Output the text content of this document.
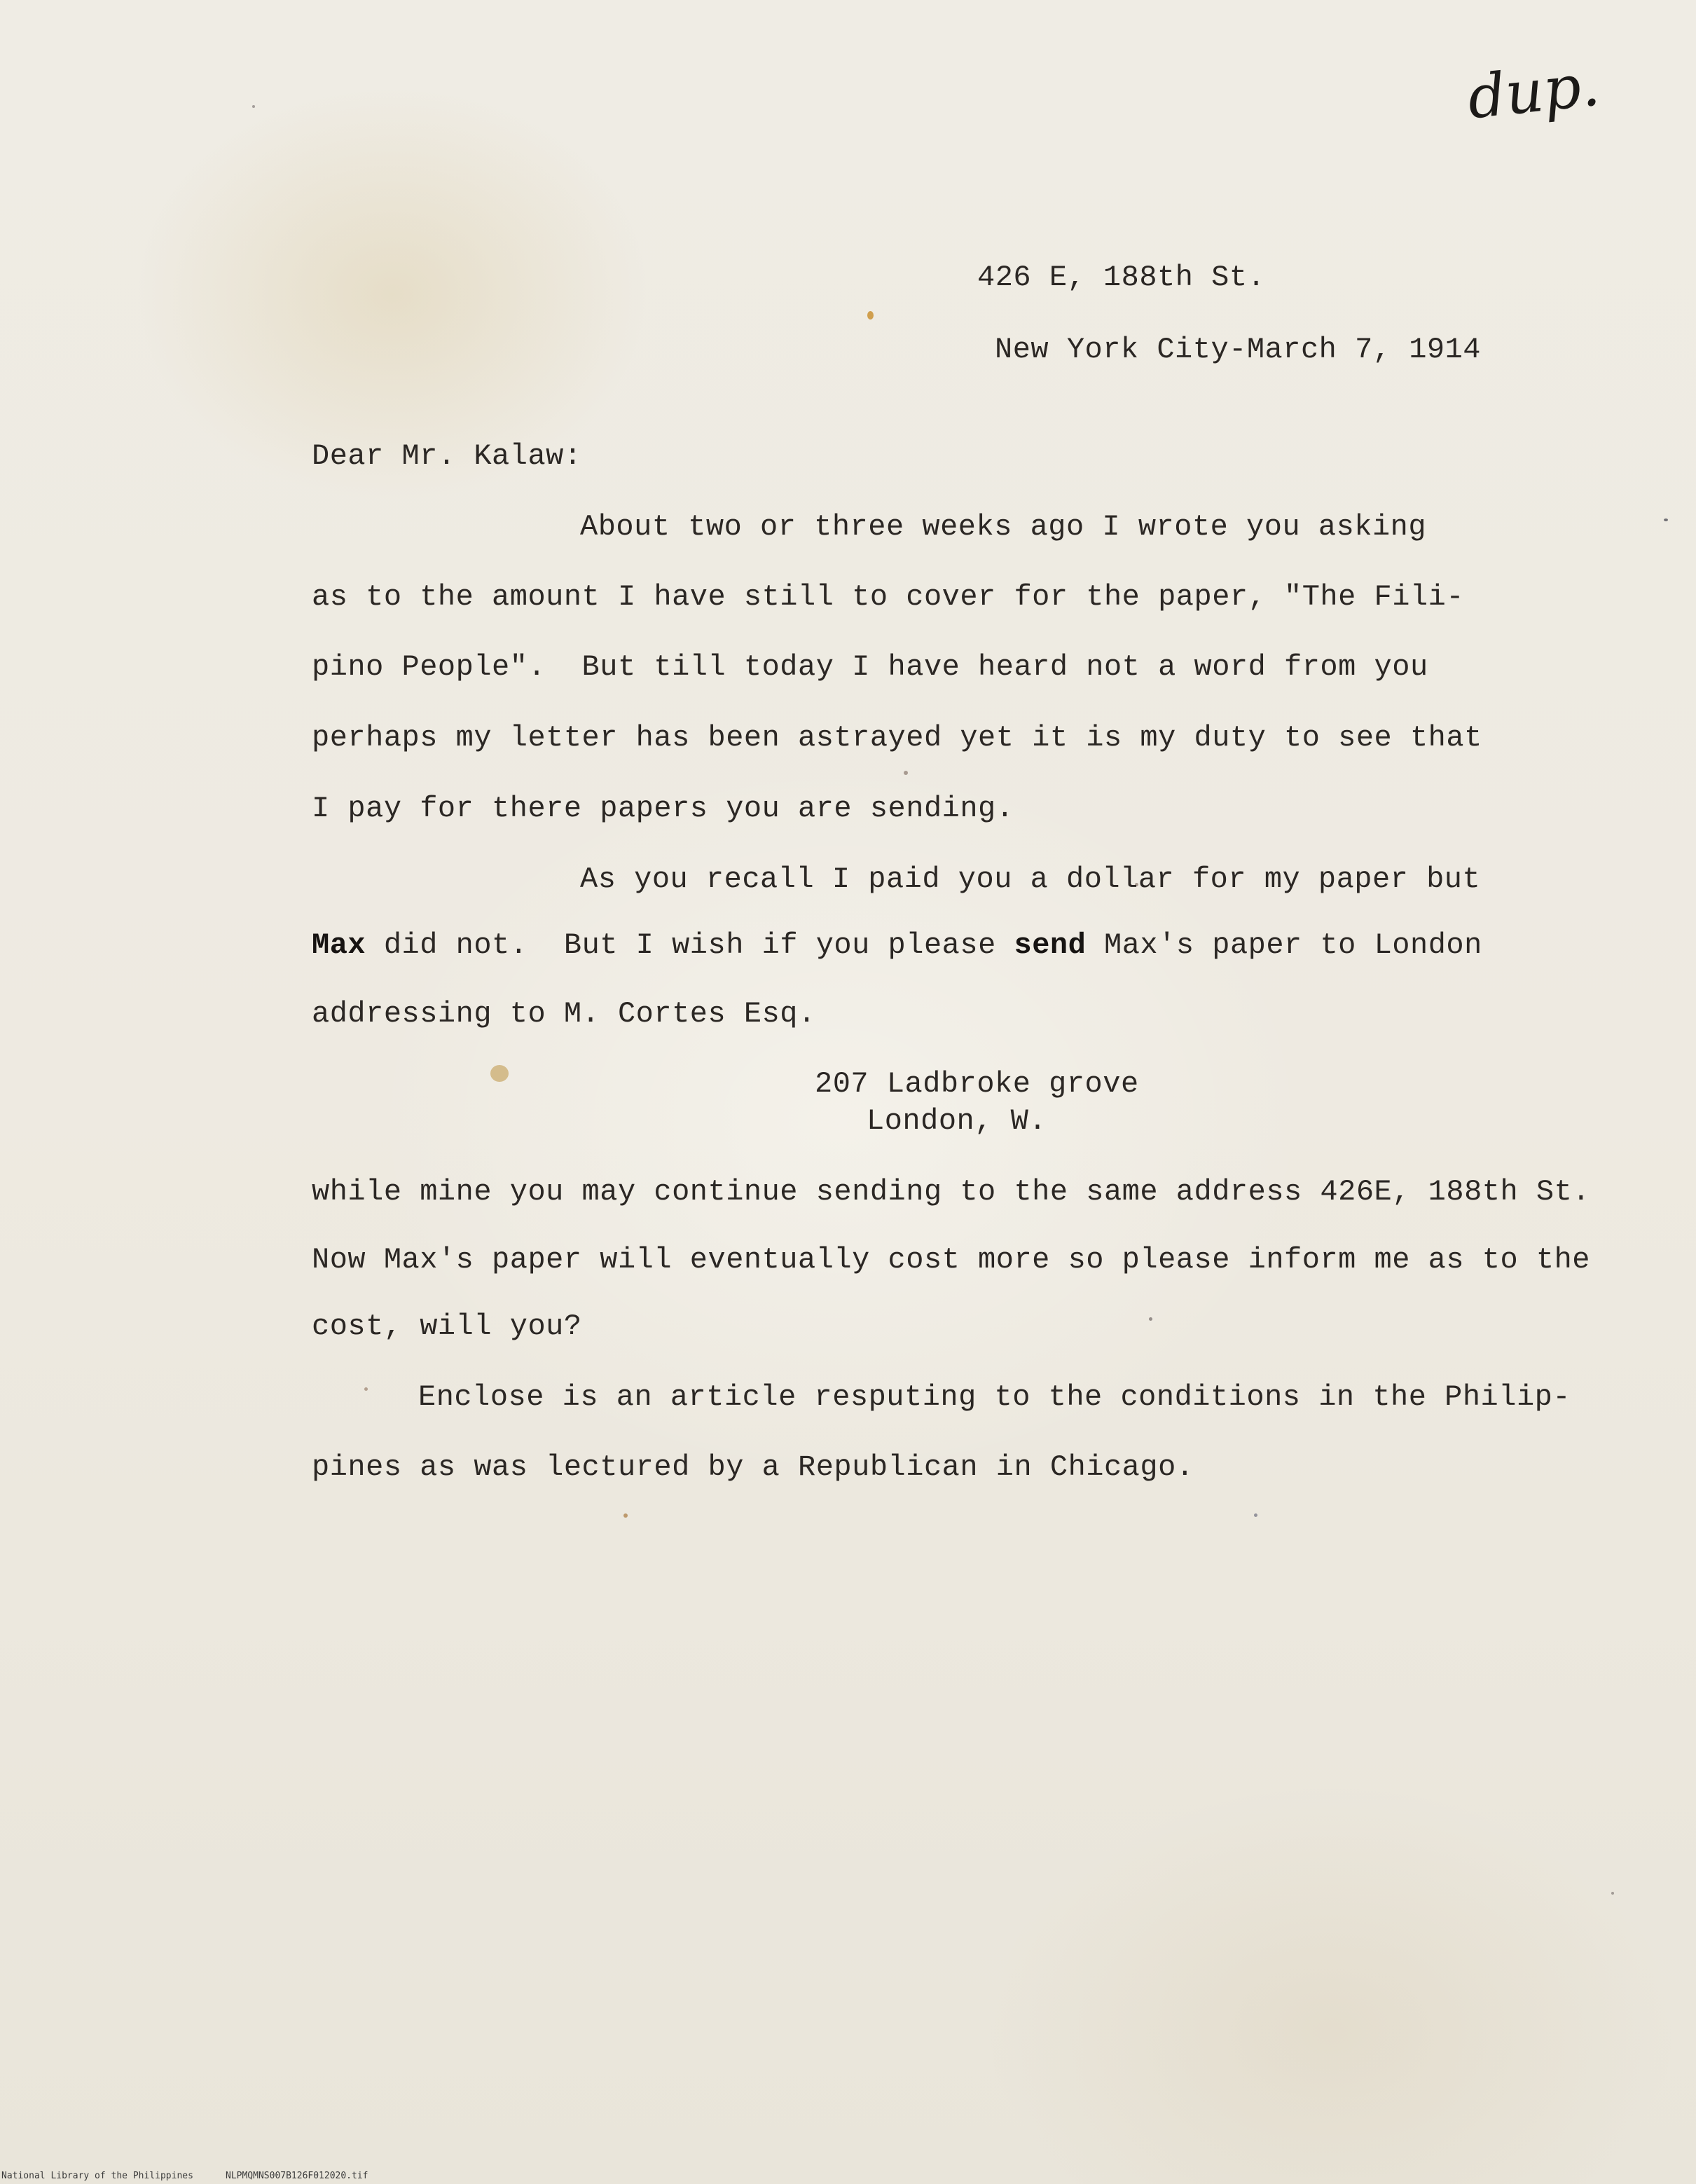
dup.
426 E, 188th St.
New York City-March 7, 1914
Dear Mr. Kalaw:
About two or three weeks ago I wrote you asking
as to the amount I have still to cover for the paper, "The Fili-
pino People".  But till today I have heard not a word from you
perhaps my letter has been astrayed yet it is my duty to see that
I pay for there papers you are sending.
As you recall I paid you a dollar for my paper but
Max did not.  But I wish if you please send Max's paper to London
addressing to M. Cortes Esq.
207 Ladbroke grove
London, W.
while mine you may continue sending to the same address 426E, 188th St.
Now Max's paper will eventually cost more so please inform me as to the
cost, will you?
Enclose is an article resputing to the conditions in the Philip-
pines as was lectured by a Republican in Chicago.
National Library of the Philippines	NLPMQMNS007B126F012020.tif
